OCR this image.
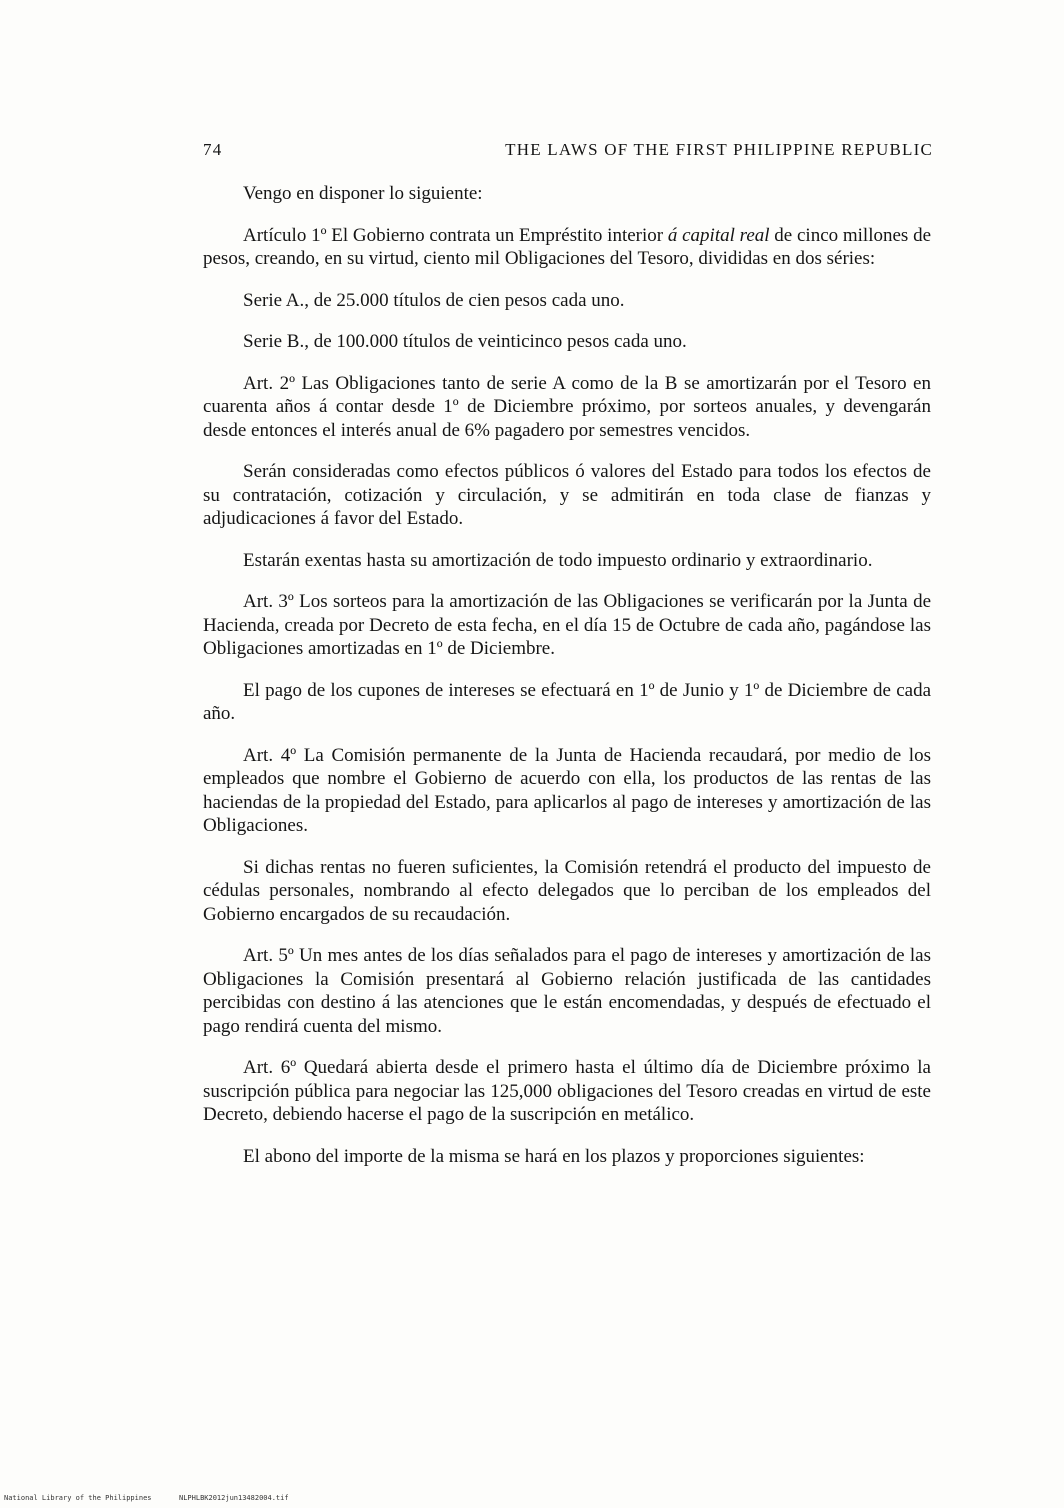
74	THE LAWS OF THE FIRST PHILIPPINE REPUBLIC

Vengo en disponer lo siguiente:

Artículo 1º El Gobierno contrata un Empréstito interior á capital real de cinco millones de pesos, creando, en su virtud, ciento mil Obligaciones del Tesoro, divididas en dos séries:

Serie A., de 25.000 títulos de cien pesos cada uno.

Serie B., de 100.000 títulos de veinticinco pesos cada uno.

Art. 2º Las Obligaciones tanto de serie A como de la B se amortizarán por el Tesoro en cuarenta años á contar desde 1º de Diciembre próximo, por sorteos anuales, y devengarán desde entonces el interés anual de 6% pagadero por semestres vencidos.

Serán consideradas como efectos públicos ó valores del Estado para todos los efectos de su contratación, cotización y circulación, y se admitirán en toda clase de fianzas y adjudicaciones á favor del Estado.

Estarán exentas hasta su amortización de todo impuesto ordinario y extraordinario.

Art. 3º Los sorteos para la amortización de las Obligaciones se verificarán por la Junta de Hacienda, creada por Decreto de esta fecha, en el día 15 de Octubre de cada año, pagándose las Obligaciones amortizadas en 1º de Diciembre.

El pago de los cupones de intereses se efectuará en 1º de Junio y 1º de Diciembre de cada año.

Art. 4º La Comisión permanente de la Junta de Hacienda recaudará, por medio de los empleados que nombre el Gobierno de acuerdo con ella, los productos de las rentas de las haciendas de la propiedad del Estado, para aplicarlos al pago de intereses y amortización de las Obligaciones.

Si dichas rentas no fueren suficientes, la Comisión retendrá el producto del impuesto de cédulas personales, nombrando al efecto delegados que lo perciban de los empleados del Gobierno encargados de su recaudación.

Art. 5º Un mes antes de los días señalados para el pago de intereses y amortización de las Obligaciones la Comisión presentará al Gobierno relación justificada de las cantidades percibidas con destino á las atenciones que le están encomendadas, y después de efectuado el pago rendirá cuenta del mismo.

Art. 6º Quedará abierta desde el primero hasta el último día de Diciembre próximo la suscripción pública para negociar las 125,000 obligaciones del Tesoro creadas en virtud de este Decreto, debiendo hacerse el pago de la suscripción en metálico.

El abono del importe de la misma se hará en los plazos y proporciones siguientes:

National Library of the Philippines	NLPHLBK2012jun13482004.tif
